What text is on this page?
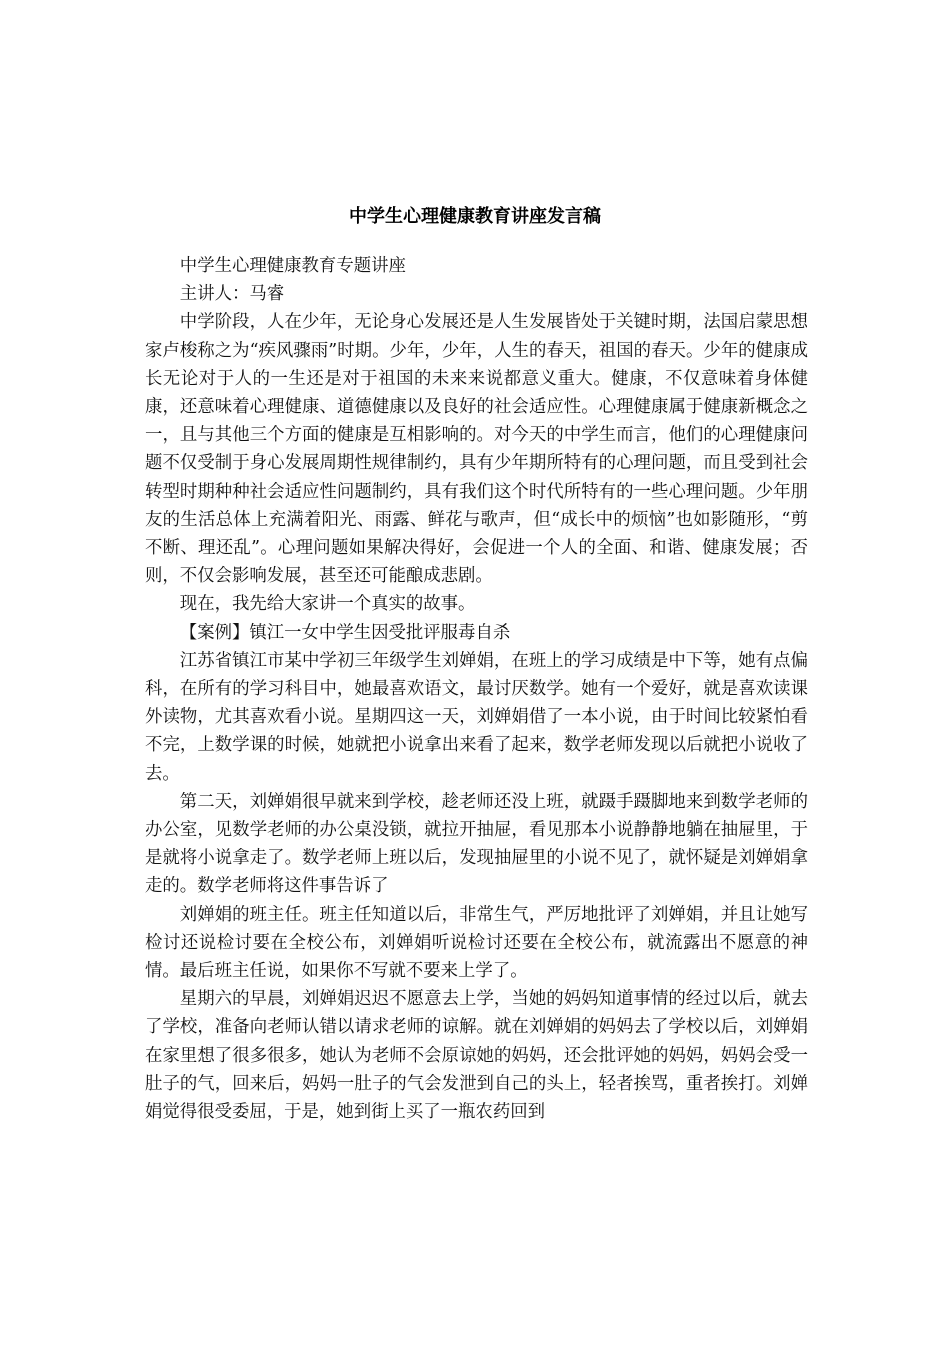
中学生心理健康教育讲座发言稿

中学生心理健康教育专题讲座

主讲人：马睿

中学阶段，人在少年，无论身心发展还是人生发展皆处于关键时期，法国启蒙思想家卢梭称之为“疾风骤雨”时期。少年，少年，人生的春天，祖国的春天。少年的健康成长无论对于人的一生还是对于祖国的未来来说都意义重大。健康，不仅意味着身体健康，还意味着心理健康、道德健康以及良好的社会适应性。心理健康属于健康新概念之一，且与其他三个方面的健康是互相影响的。对今天的中学生而言，他们的心理健康问题不仅受制于身心发展周期性规律制约，具有少年期所特有的心理问题，而且受到社会转型时期种种社会适应性问题制约，具有我们这个时代所特有的一些心理问题。少年朋友的生活总体上充满着阳光、雨露、鲜花与歌声，但“成长中的烦恼”也如影随形，“剪不断、理还乱”。心理问题如果解决得好，会促进一个人的全面、和谐、健康发展；否则，不仅会影响发展，甚至还可能酿成悲剧。

现在，我先给大家讲一个真实的故事。

【案例】镇江一女中学生因受批评服毒自杀

江苏省镇江市某中学初三年级学生刘婵娟，在班上的学习成绩是中下等，她有点偏科，在所有的学习科目中，她最喜欢语文，最讨厌数学。她有一个爱好，就是喜欢读课外读物，尤其喜欢看小说。星期四这一天，刘婵娟借了一本小说，由于时间比较紧怕看不完，上数学课的时候，她就把小说拿出来看了起来，数学老师发现以后就把小说收了去。

第二天，刘婵娟很早就来到学校，趁老师还没上班，就蹑手蹑脚地来到数学老师的办公室，见数学老师的办公桌没锁，就拉开抽屉，看见那本小说静静地躺在抽屉里，于是就将小说拿走了。数学老师上班以后，发现抽屉里的小说不见了，就怀疑是刘婵娟拿走的。数学老师将这件事告诉了

刘婵娟的班主任。班主任知道以后，非常生气，严厉地批评了刘婵娟，并且让她写检讨还说检讨要在全校公布，刘婵娟听说检讨还要在全校公布，就流露出不愿意的神情。最后班主任说，如果你不写就不要来上学了。

星期六的早晨，刘婵娟迟迟不愿意去上学，当她的妈妈知道事情的经过以后，就去了学校，准备向老师认错以请求老师的谅解。就在刘婵娟的妈妈去了学校以后，刘婵娟在家里想了很多很多，她认为老师不会原谅她的妈妈，还会批评她的妈妈，妈妈会受一肚子的气，回来后，妈妈一肚子的气会发泄到自己的头上，轻者挨骂，重者挨打。刘婵娟觉得很受委屈，于是，她到街上买了一瓶农药回到
